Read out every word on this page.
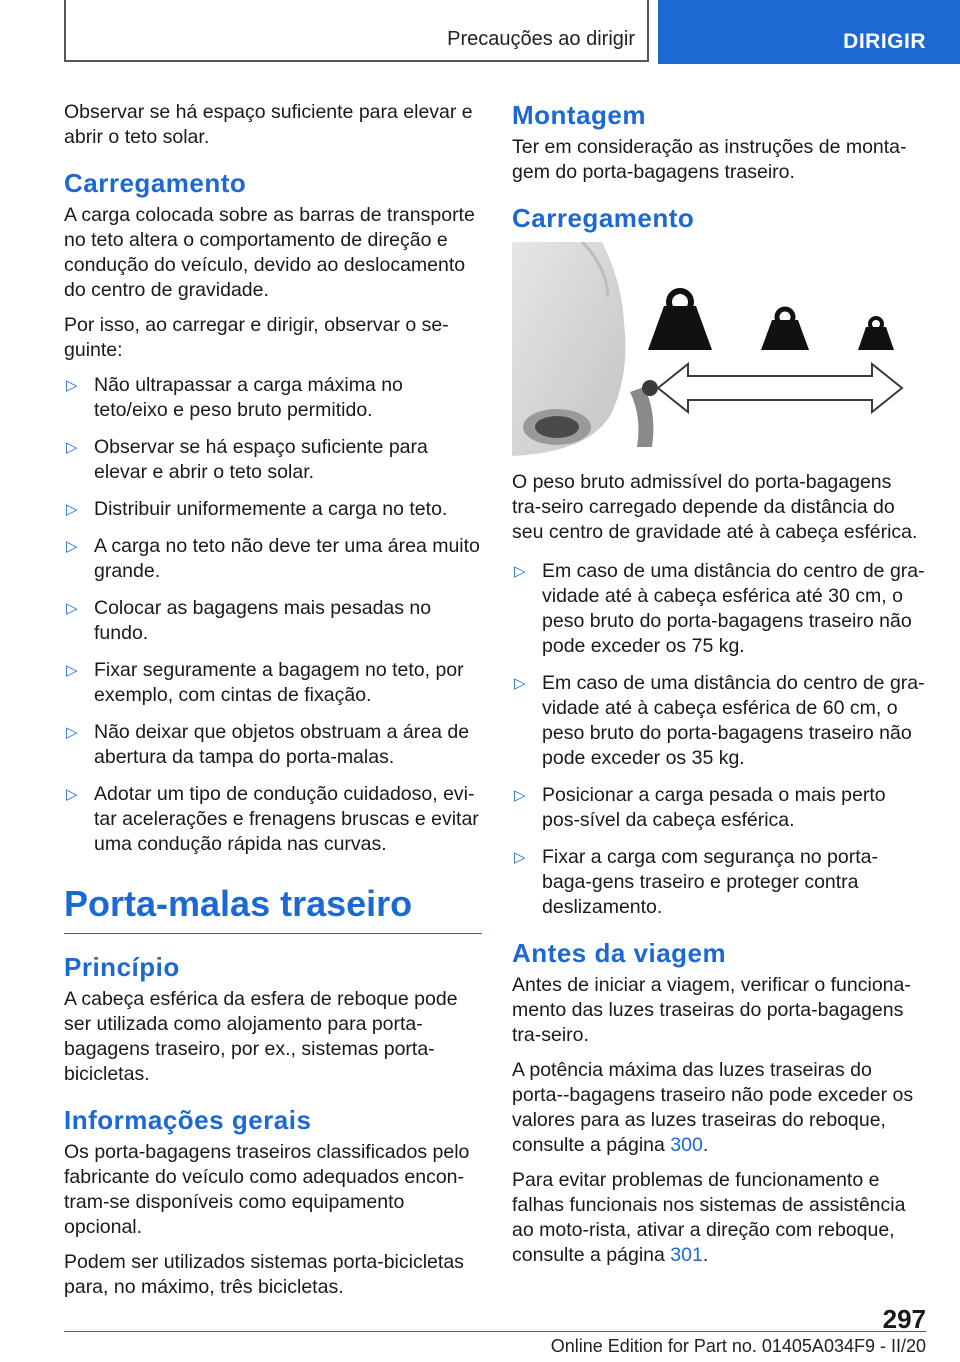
Precauções ao dirigir	DIRIGIR

Observar se há espaço suficiente para elevar e abrir o teto solar.

Carregamento

A carga colocada sobre as barras de transporte no teto altera o comportamento de direção e condução do veículo, devido ao deslocamento do centro de gravidade.

Por isso, ao carregar e dirigir, observar o se-guinte:

▷ Não ultrapassar a carga máxima no teto/eixo e peso bruto permitido.
▷ Observar se há espaço suficiente para elevar e abrir o teto solar.
▷ Distribuir uniformemente a carga no teto.
▷ A carga no teto não deve ter uma área muito grande.
▷ Colocar as bagagens mais pesadas no fundo.
▷ Fixar seguramente a bagagem no teto, por exemplo, com cintas de fixação.
▷ Não deixar que objetos obstruam a área de abertura da tampa do porta-malas.
▷ Adotar um tipo de condução cuidadoso, evi-tar acelerações e frenagens bruscas e evitar uma condução rápida nas curvas.
Porta-malas traseiro
Princípio

A cabeça esférica da esfera de reboque pode ser utilizada como alojamento para porta-bagagens traseiro, por ex., sistemas porta-bicicletas.

Informações gerais

Os porta-bagagens traseiros classificados pelo fabricante do veículo como adequados encon-tram-se disponíveis como equipamento opcional.

Podem ser utilizados sistemas porta-bicicletas para, no máximo, três bicicletas.

Montagem

Ter em consideração as instruções de monta-gem do porta-bagagens traseiro.

Carregamento

O peso bruto admissível do porta-bagagens tra-seiro carregado depende da distância do seu centro de gravidade até à cabeça esférica.

▷ Em caso de uma distância do centro de gra-vidade até à cabeça esférica até 30 cm, o peso bruto do porta-bagagens traseiro não pode exceder os 75 kg.
▷ Em caso de uma distância do centro de gra-vidade até à cabeça esférica de 60 cm, o peso bruto do porta-bagagens traseiro não pode exceder os 35 kg.
▷ Posicionar a carga pesada o mais perto pos-sível da cabeça esférica.
▷ Fixar a carga com segurança no porta-baga-gens traseiro e proteger contra deslizamento.
Antes da viagem

Antes de iniciar a viagem, verificar o funciona-mento das luzes traseiras do porta-bagagens tra-seiro.

A potência máxima das luzes traseiras do porta--bagagens traseiro não pode exceder os valores para as luzes traseiras do reboque, consulte a página 300.

Para evitar problemas de funcionamento e falhas funcionais nos sistemas de assistência ao moto-rista, ativar a direção com reboque, consulte a página 301.

297
Online Edition for Part no. 01405A034F9 - II/20
